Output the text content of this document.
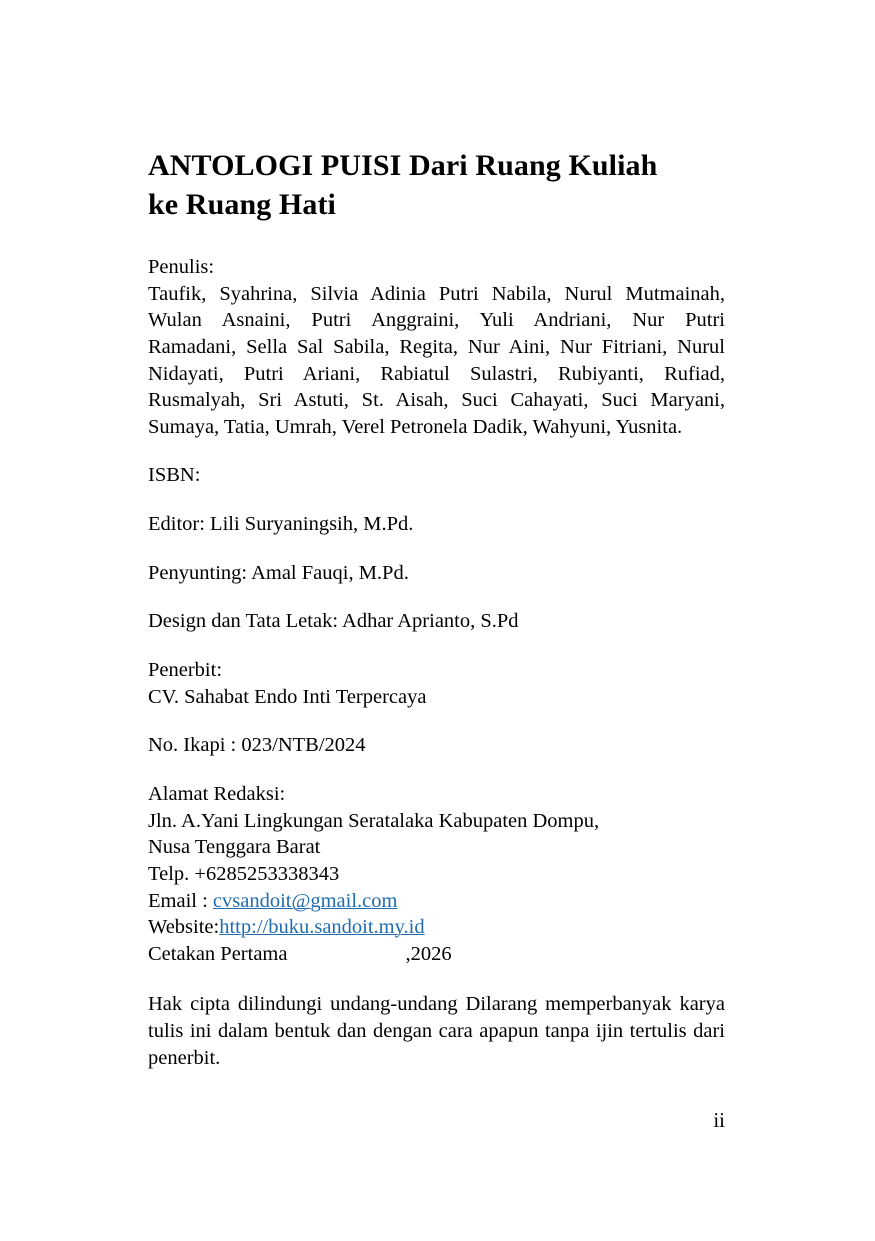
ANTOLOGI PUISI Dari Ruang Kuliah
ke Ruang Hati

Penulis:

Taufik, Syahrina, Silvia Adinia Putri Nabila, Nurul Mutmainah,
Wulan Asnaini, Putri Anggraini, Yuli Andriani, Nur Putri
Ramadani, Sella Sal Sabila, Regita, Nur Aini, Nur Fitriani, Nurul
Nidayati, Putri Ariani, Rabiatul Sulastri, Rubiyanti, Rufiad,
Rusmalyah, Sri Astuti, St. Aisah, Suci Cahayati, Suci Maryani,
Sumaya, Tatia, Umrah, Verel Petronela Dadik, Wahyuni, Yusnita.

ISBN:

Editor: Lili Suryaningsih, M.Pd.

Penyunting: Amal Fauqi, M.Pd.

Design dan Tata Letak: Adhar Aprianto, S.Pd

Penerbit:
CV. Sahabat Endo Inti Terpercaya

No. Ikapi : 023/NTB/2024

Alamat Redaksi:
Jln. A.Yani Lingkungan Seratalaka Kabupaten Dompu,
Nusa Tenggara Barat
Telp. +6285253338343
Email : cvsandoit@gmail.com
Website:http://buku.sandoit.my.id
Cetakan Pertama	,2026

Hak cipta dilindungi undang-undang Dilarang memperbanyak karya tulis ini dalam bentuk dan dengan cara apapun tanpa ijin tertulis dari penerbit.

ii
